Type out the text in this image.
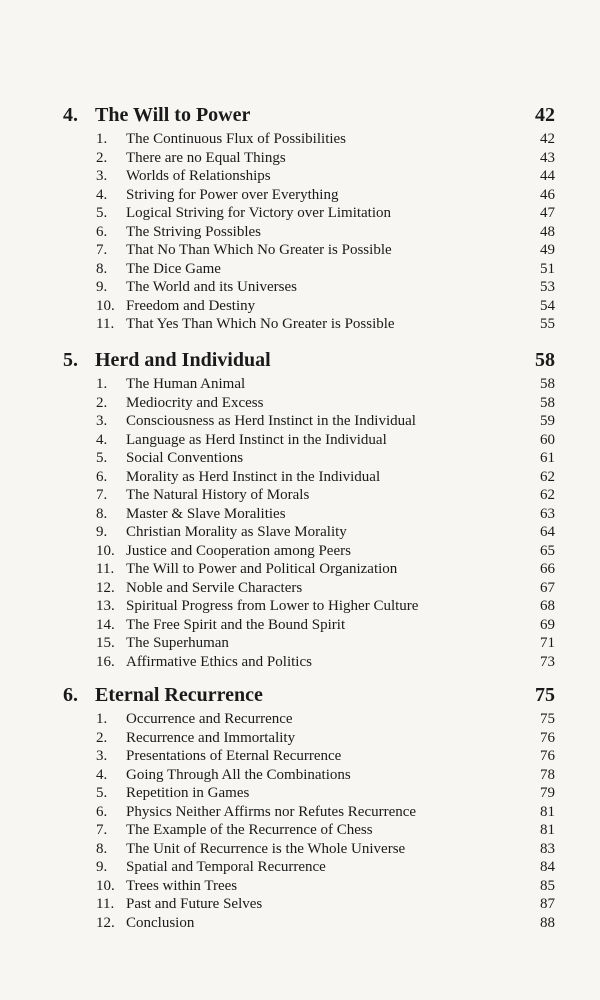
4. The Will to Power	42
1.	The Continuous Flux of Possibilities	42
2.	There are no Equal Things	43
3.	Worlds of Relationships	44
4.	Striving for Power over Everything	46
5.	Logical Striving for Victory over Limitation	47
6.	The Striving Possibles	48
7.	That No Than Which No Greater is Possible	49
8.	The Dice Game	51
9.	The World and its Universes	53
10. Freedom and Destiny	54
11. That Yes Than Which No Greater is Possible	55
5. Herd and Individual	58
1.	The Human Animal	58
2.	Mediocrity and Excess	58
3.	Consciousness as Herd Instinct in the Individual	59
4.	Language as Herd Instinct in the Individual	60
5.	Social Conventions	61
6.	Morality as Herd Instinct in the Individual	62
7.	The Natural History of Morals	62
8.	Master & Slave Moralities	63
9.	Christian Morality as Slave Morality	64
10. Justice and Cooperation among Peers	65
11. The Will to Power and Political Organization	66
12. Noble and Servile Characters	67
13. Spiritual Progress from Lower to Higher Culture	68
14. The Free Spirit and the Bound Spirit	69
15. The Superhuman	71
16. Affirmative Ethics and Politics	73
6. Eternal Recurrence	75
1.	Occurrence and Recurrence	75
2.	Recurrence and Immortality	76
3.	Presentations of Eternal Recurrence	76
4.	Going Through All the Combinations	78
5.	Repetition in Games	79
6.	Physics Neither Affirms nor Refutes Recurrence	81
7.	The Example of the Recurrence of Chess	81
8.	The Unit of Recurrence is the Whole Universe	83
9.	Spatial and Temporal Recurrence	84
10. Trees within Trees	85
11. Past and Future Selves	87
12. Conclusion	88
